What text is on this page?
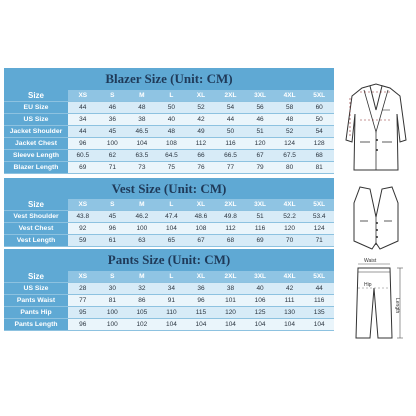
Blazer Size (Unit: CM)
Size	XS	S	M	L	XL	2XL	3XL	4XL	5XL
EU Size	44	46	48	50	52	54	56	58	60
US Size	34	36	38	40	42	44	46	48	50
Jacket Shoulder	44	45	46.5	48	49	50	51	52	54
Jacket Chest	96	100	104	108	112	116	120	124	128
Sleeve Length	60.5	62	63.5	64.5	66	66.5	67	67.5	68
Blazer Length	69	71	73	75	76	77	79	80	81
Vest Size (Unit: CM)
Size	XS	S	M	L	XL	2XL	3XL	4XL	5XL
Vest Shoulder	43.8	45	46.2	47.4	48.6	49.8	51	52.2	53.4
Vest Chest	92	96	100	104	108	112	116	120	124
Vest Length	59	61	63	65	67	68	69	70	71
Pants Size (Unit: CM)
Size	XS	S	M	L	XL	2XL	3XL	4XL	5XL
US Size	28	30	32	34	36	38	40	42	44
Pants Waist	77	81	86	91	96	101	106	111	116
Pants Hip	95	100	105	110	115	120	125	130	135
Pants Length	96	100	102	104	104	104	104	104	104
Waist
Hip
Length
